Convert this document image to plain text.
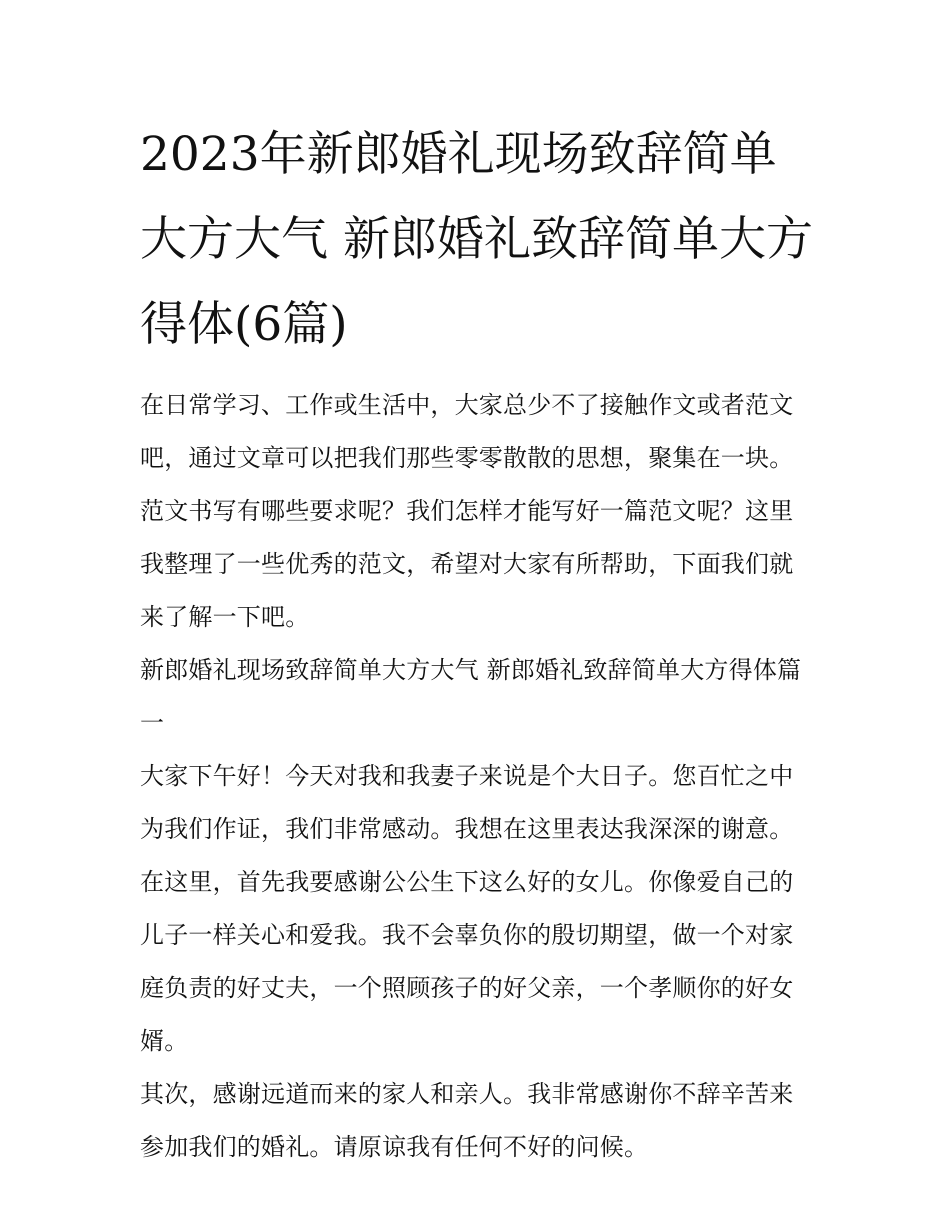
2023年新郎婚礼现场致辞简单大方大气 新郎婚礼致辞简单大方得体(6篇)

在日常学习、工作或生活中，大家总少不了接触作文或者范文吧，通过文章可以把我们那些零零散散的思想，聚集在一块。范文书写有哪些要求呢？我们怎样才能写好一篇范文呢？这里我整理了一些优秀的范文，希望对大家有所帮助，下面我们就来了解一下吧。

新郎婚礼现场致辞简单大方大气 新郎婚礼致辞简单大方得体篇一

大家下午好！今天对我和我妻子来说是个大日子。您百忙之中为我们作证，我们非常感动。我想在这里表达我深深的谢意。在这里，首先我要感谢公公生下这么好的女儿。你像爱自己的儿子一样关心和爱我。我不会辜负你的殷切期望，做一个对家庭负责的好丈夫，一个照顾孩子的好父亲，一个孝顺你的好女婿。

其次，感谢远道而来的家人和亲人。我非常感谢你不辞辛苦来参加我们的婚礼。请原谅我有任何不好的问候。
